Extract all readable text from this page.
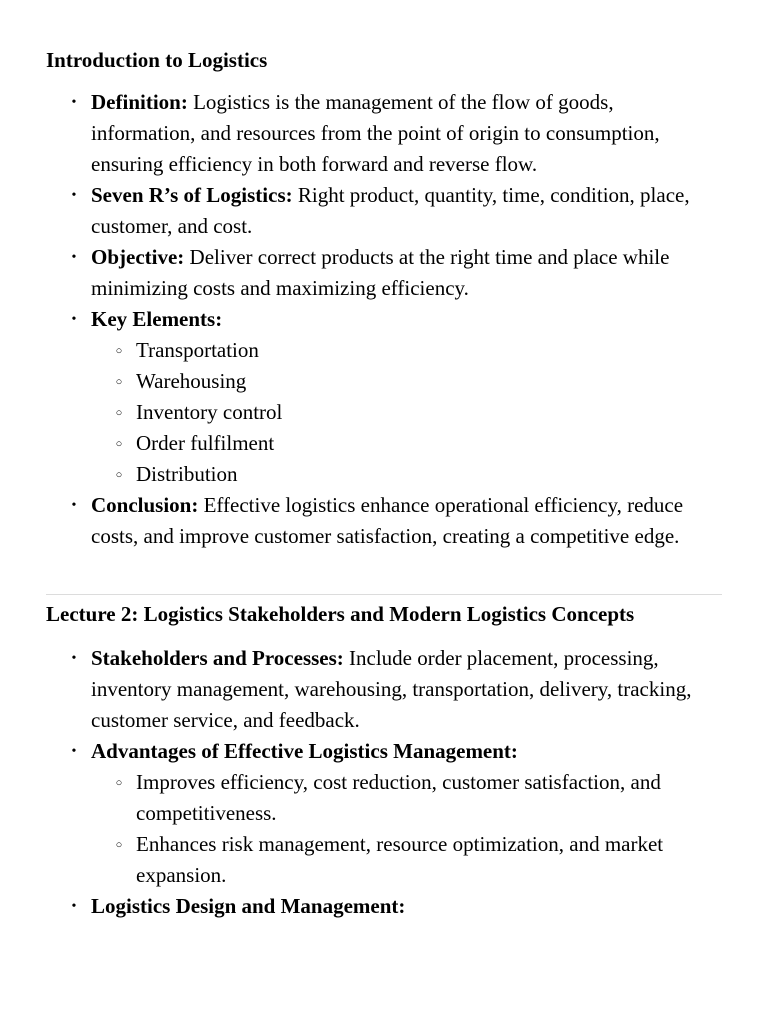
Introduction to Logistics

• Definition: Logistics is the management of the flow of goods, information, and resources from the point of origin to consumption, ensuring efficiency in both forward and reverse flow.
• Seven R’s of Logistics: Right product, quantity, time, condition, place, customer, and cost.
• Objective: Deliver correct products at the right time and place while minimizing costs and maximizing efficiency.
• Key Elements:
○ Transportation
○ Warehousing
○ Inventory control
○ Order fulfilment
○ Distribution
• Conclusion: Effective logistics enhance operational efficiency, reduce costs, and improve customer satisfaction, creating a competitive edge.

Lecture 2: Logistics Stakeholders and Modern Logistics Concepts

• Stakeholders and Processes: Include order placement, processing, inventory management, warehousing, transportation, delivery, tracking, customer service, and feedback.
• Advantages of Effective Logistics Management:
○ Improves efficiency, cost reduction, customer satisfaction, and competitiveness.
○ Enhances risk management, resource optimization, and market expansion.
• Logistics Design and Management:
